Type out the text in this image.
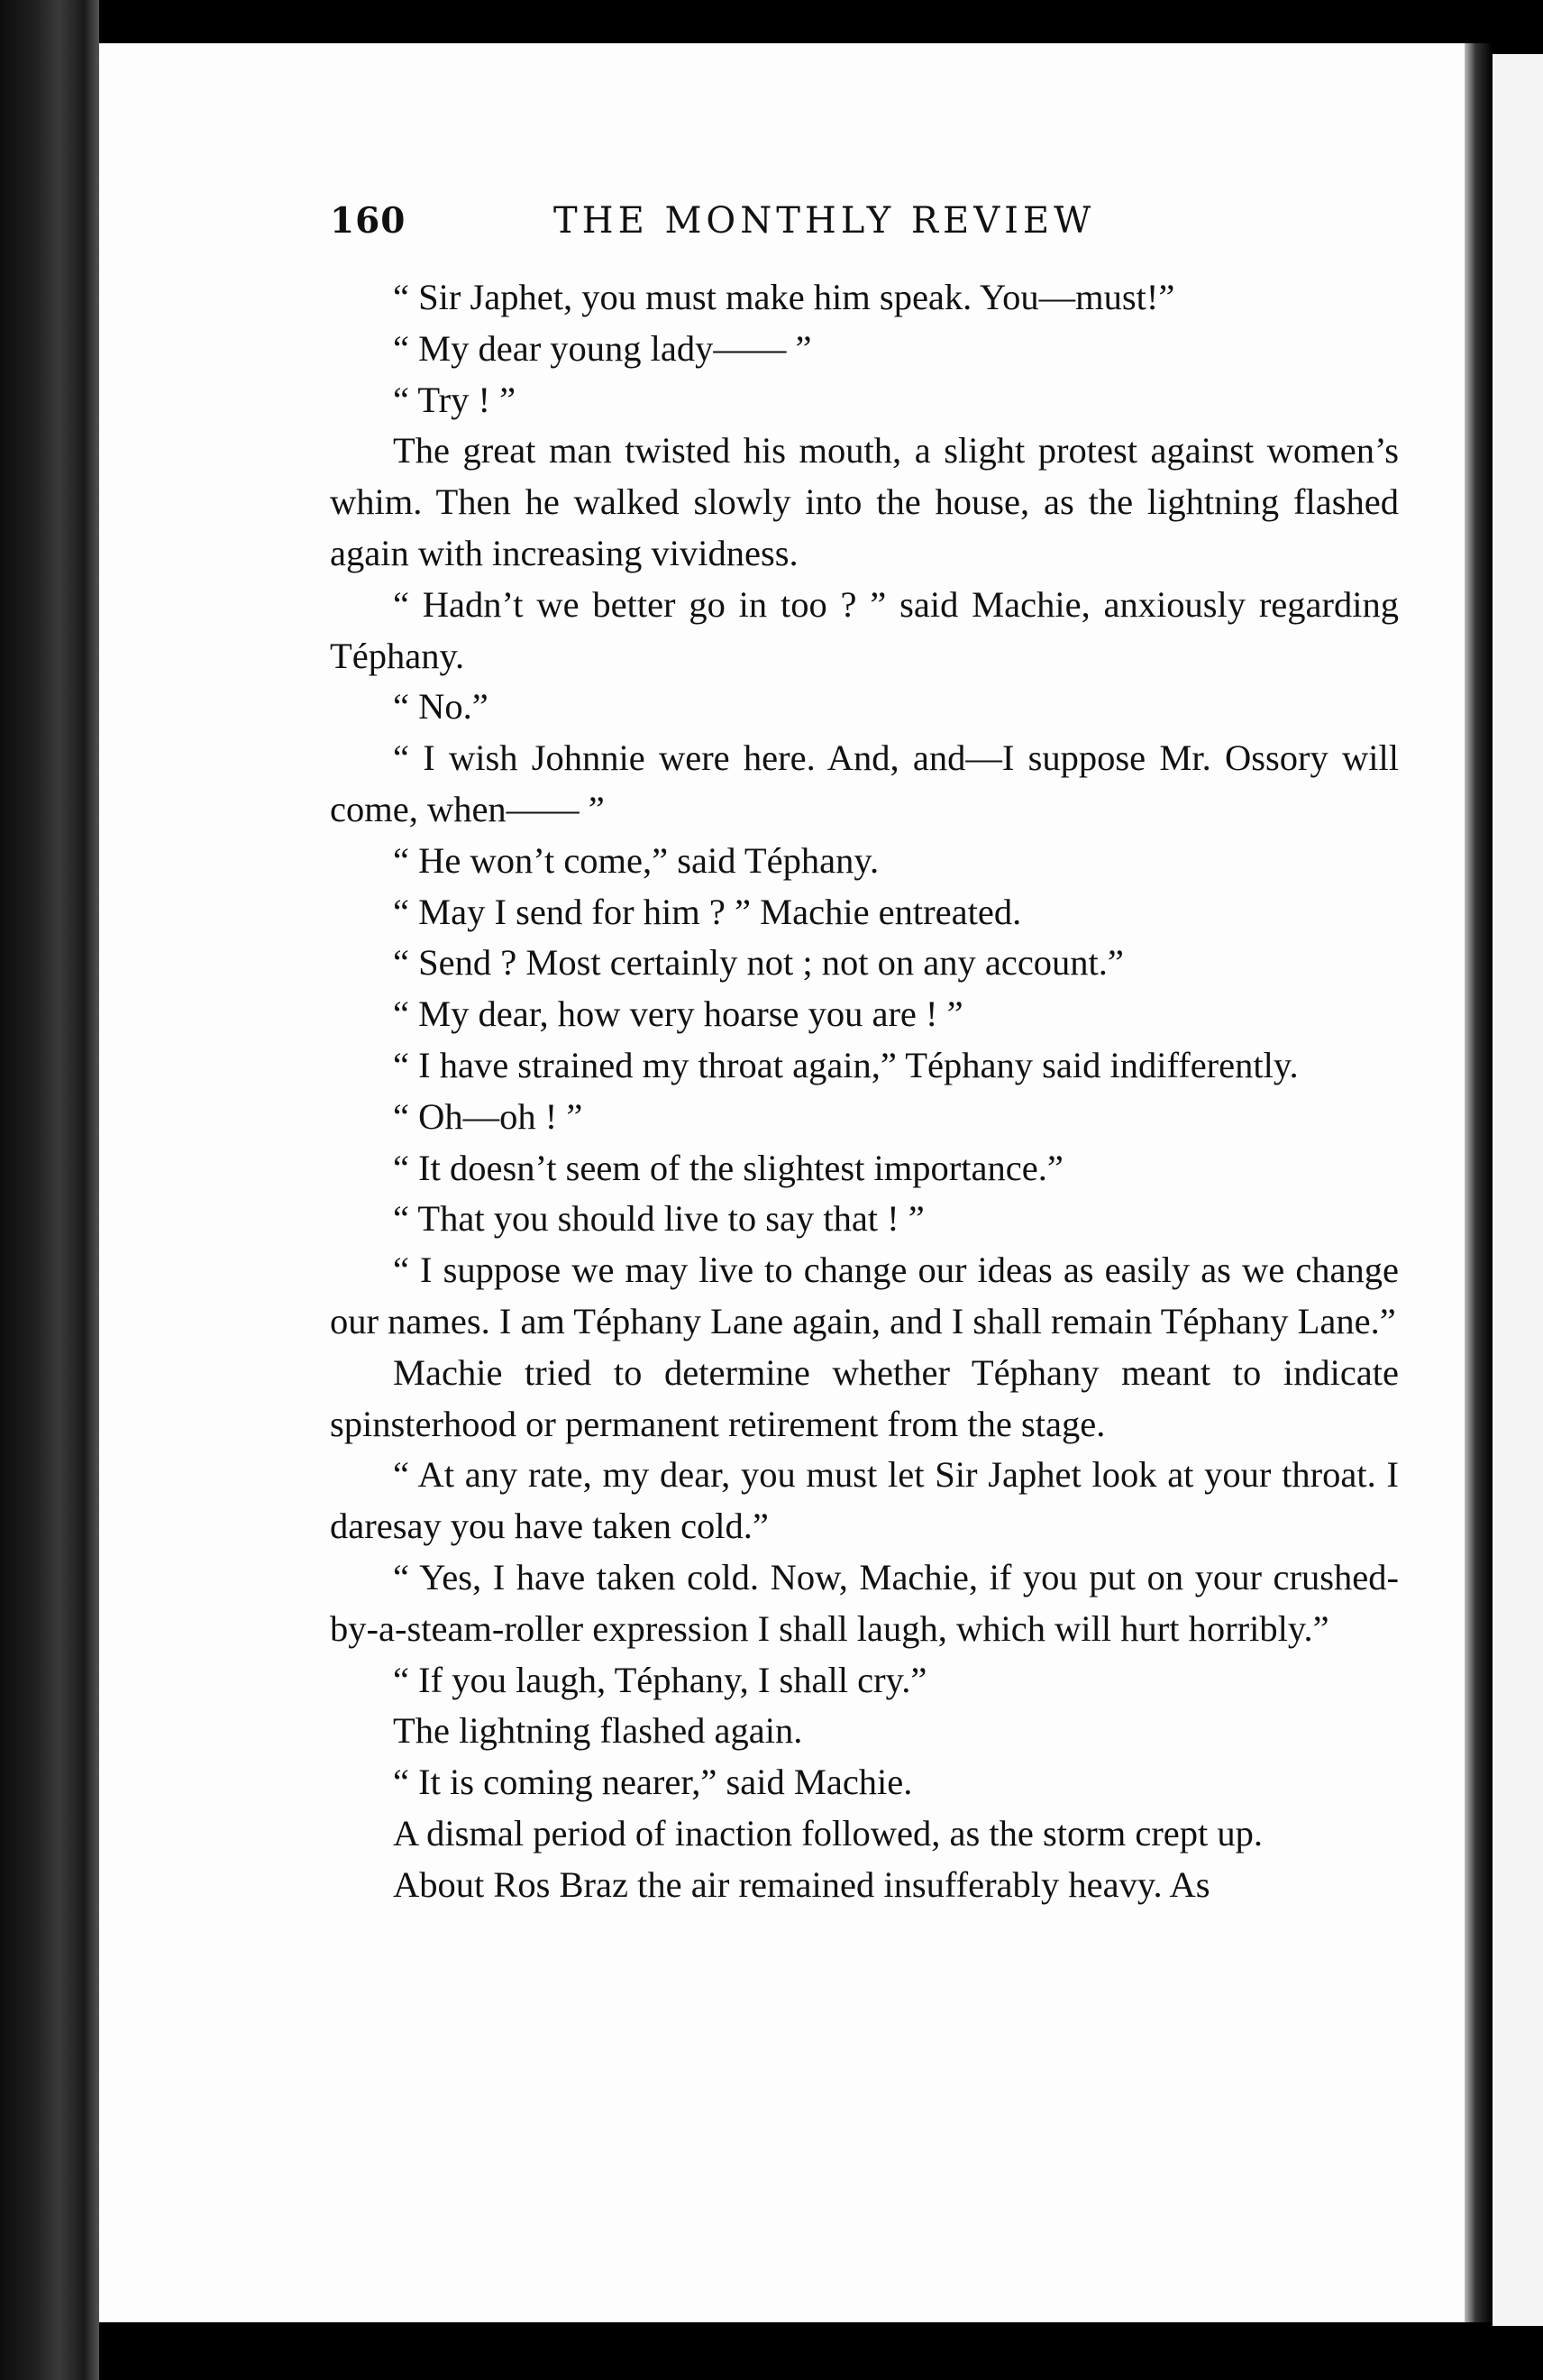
160	THE MONTHLY REVIEW

“ Sir Japhet, you must make him speak. You—must!”

“ My dear young lady—— ”

“ Try ! ”

The great man twisted his mouth, a slight protest against women’s whim. Then he walked slowly into the house, as the lightning flashed again with increasing vividness.

“ Hadn’t we better go in too ? ” said Machie, anxiously regarding Téphany.

“ No.”

“ I wish Johnnie were here. And, and—I suppose Mr. Ossory will come, when—— ”

“ He won’t come,” said Téphany.

“ May I send for him ? ” Machie entreated.

“ Send ? Most certainly not ; not on any account.”

“ My dear, how very hoarse you are ! ”

“ I have strained my throat again,” Téphany said indifferently.

“ Oh—oh ! ”

“ It doesn’t seem of the slightest importance.”

“ That you should live to say that ! ”

“ I suppose we may live to change our ideas as easily as we change our names. I am Téphany Lane again, and I shall remain Téphany Lane.”

Machie tried to determine whether Téphany meant to indicate spinsterhood or permanent retirement from the stage.

“ At any rate, my dear, you must let Sir Japhet look at your throat. I daresay you have taken cold.”

“ Yes, I have taken cold. Now, Machie, if you put on your crushed-by-a-steam-roller expression I shall laugh, which will hurt horribly.”

“ If you laugh, Téphany, I shall cry.”

The lightning flashed again.

“ It is coming nearer,” said Machie.

A dismal period of inaction followed, as the storm crept up.

About Ros Braz the air remained insufferably heavy. As
